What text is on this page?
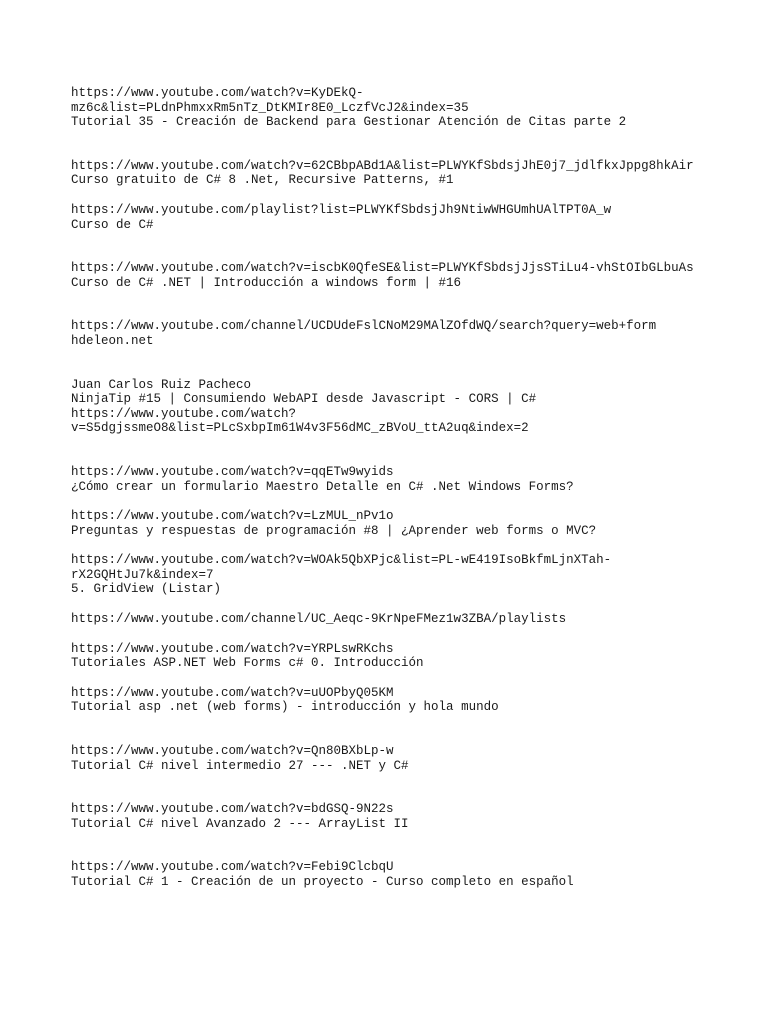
https://www.youtube.com/watch?v=KyDEkQ-
mz6c&list=PLdnPhmxxRm5nTz_DtKMIr8E0_LczfVcJ2&index=35
Tutorial 35 - Creación de Backend para Gestionar Atención de Citas parte 2
https://www.youtube.com/watch?v=62CBbpABd1A&list=PLWYKfSbdsjJhE0j7_jdlfkxJppg8hkAir
Curso gratuito de C# 8 .Net, Recursive Patterns, #1
https://www.youtube.com/playlist?list=PLWYKfSbdsjJh9NtiwWHGUmhUAlTPT0A_w
Curso de C#
https://www.youtube.com/watch?v=iscbK0QfeSE&list=PLWYKfSbdsjJjsSTiLu4-vhStOIbGLbuAs
Curso de C# .NET | Introducción a windows form | #16
https://www.youtube.com/channel/UCDUdeFslCNoM29MAlZOfdWQ/search?query=web+form
hdeleon.net
Juan Carlos Ruiz Pacheco
NinjaTip #15 | Consumiendo WebAPI desde Javascript - CORS | C#
https://www.youtube.com/watch?
v=S5dgjssmeO8&list=PLcSxbpIm61W4v3F56dMC_zBVoU_ttA2uq&index=2
https://www.youtube.com/watch?v=qqETw9wyids
¿Cómo crear un formulario Maestro Detalle en C# .Net Windows Forms?
https://www.youtube.com/watch?v=LzMUL_nPv1o
Preguntas y respuestas de programación #8 | ¿Aprender web forms o MVC?
https://www.youtube.com/watch?v=WOAk5QbXPjc&list=PL-wE419IsoBkfmLjnXTah-
rX2GQHtJu7k&index=7
5. GridView (Listar)
https://www.youtube.com/channel/UC_Aeqc-9KrNpeFMez1w3ZBA/playlists
https://www.youtube.com/watch?v=YRPLswRKchs
Tutoriales ASP.NET Web Forms c# 0. Introducción
https://www.youtube.com/watch?v=uUOPbyQ05KM
Tutorial asp .net (web forms) - introducción y hola mundo
https://www.youtube.com/watch?v=Qn80BXbLp-w
Tutorial C# nivel intermedio 27 --- .NET y C#
https://www.youtube.com/watch?v=bdGSQ-9N22s
Tutorial C# nivel Avanzado 2 --- ArrayList II
https://www.youtube.com/watch?v=Febi9ClcbqU
Tutorial C# 1 - Creación de un proyecto - Curso completo en español
